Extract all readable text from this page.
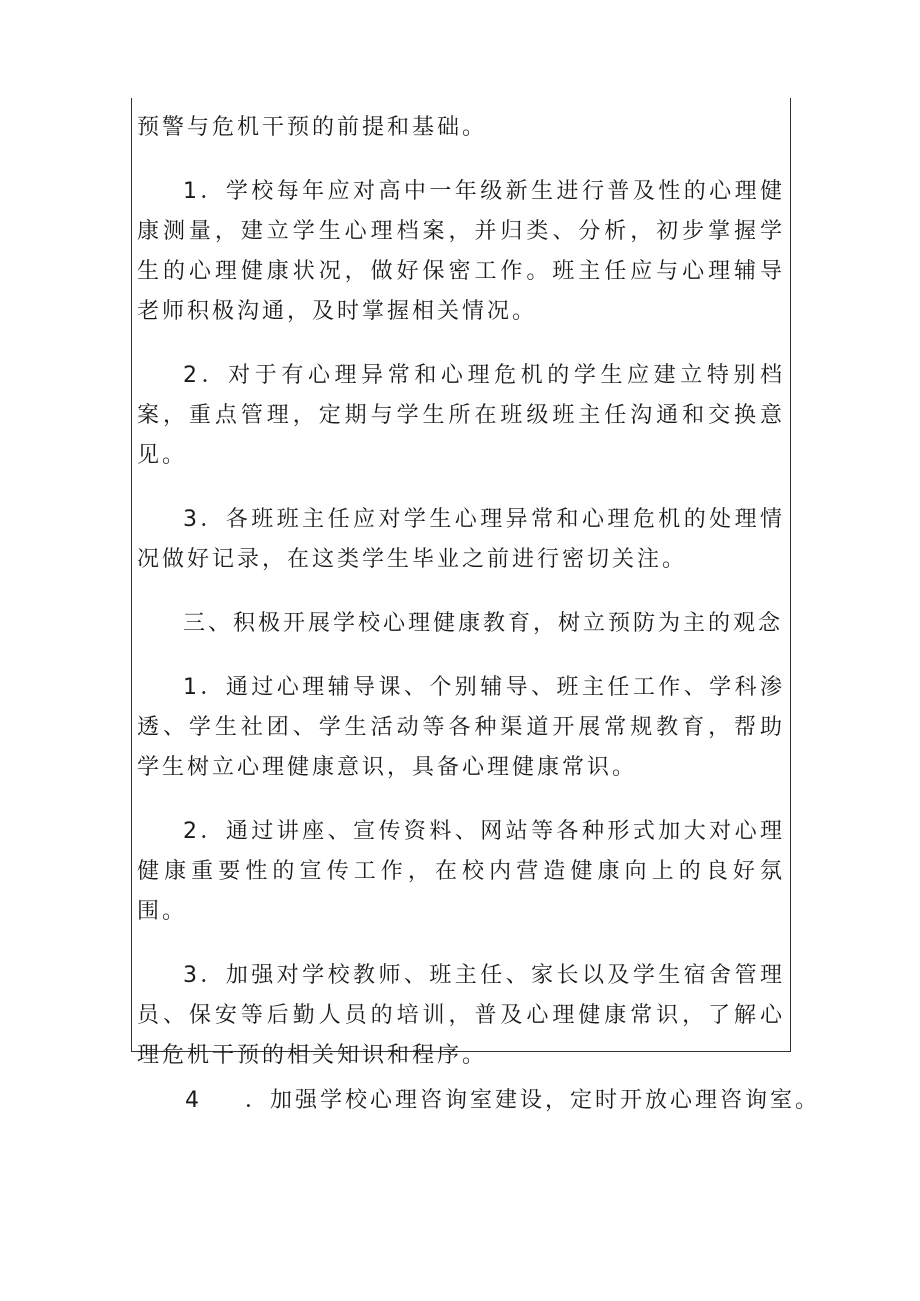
预警与危机干预的前提和基础。

1．学校每年应对高中一年级新生进行普及性的心理健康测量，建立学生心理档案，并归类、分析，初步掌握学生的心理健康状况，做好保密工作。班主任应与心理辅导老师积极沟通，及时掌握相关情况。

2．对于有心理异常和心理危机的学生应建立特别档案，重点管理，定期与学生所在班级班主任沟通和交换意见。

3．各班班主任应对学生心理异常和心理危机的处理情况做好记录，在这类学生毕业之前进行密切关注。

三、积极开展学校心理健康教育，树立预防为主的观念

1．通过心理辅导课、个别辅导、班主任工作、学科渗透、学生社团、学生活动等各种渠道开展常规教育，帮助学生树立心理健康意识，具备心理健康常识。

2．通过讲座、宣传资料、网站等各种形式加大对心理健康重要性的宣传工作，在校内营造健康向上的良好氛围。

3．加强对学校教师、班主任、家长以及学生宿舍管理员、保安等后勤人员的培训，普及心理健康常识，了解心理危机干预的相关知识和程序。

4 ．加强学校心理咨询室建设，定时开放心理咨询室。
